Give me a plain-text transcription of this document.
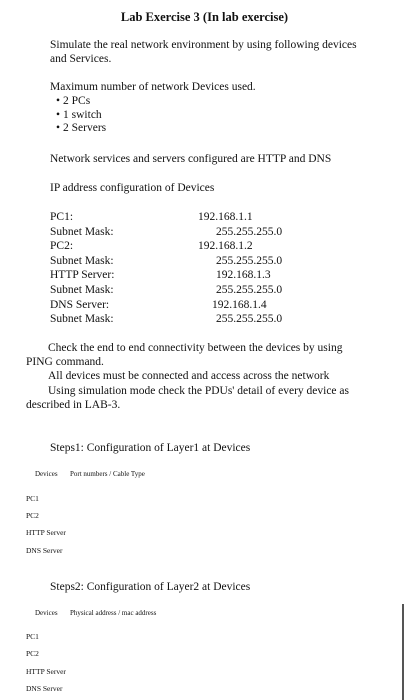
Lab Exercise 3 (In lab exercise)
Simulate the real network environment by using following devices
and Services.
Maximum number of network Devices used.
• 2 PCs
• 1 switch
• 2 Servers
Network services and servers configured are HTTP and DNS
IP address configuration of Devices
PC1:	192.168.1.1
Subnet Mask:	255.255.255.0
PC2:	192.168.1.2
Subnet Mask:	255.255.255.0
HTTP Server:	192.168.1.3
Subnet Mask:	255.255.255.0
DNS Server:	192.168.1.4
Subnet Mask:	255.255.255.0
Check the end to end connectivity between the devices by using
PING command.
All devices must be connected and access across the network
Using simulation mode check the PDUs' detail of every device as
described in LAB-3.
Steps1: Configuration of Layer1 at Devices
Devices Port numbers / Cable Type
PC1
PC2
HTTP Server
DNS Server
Steps2: Configuration of Layer2 at Devices
Devices Physical address / mac address
PC1
PC2
HTTP Server
DNS Server
